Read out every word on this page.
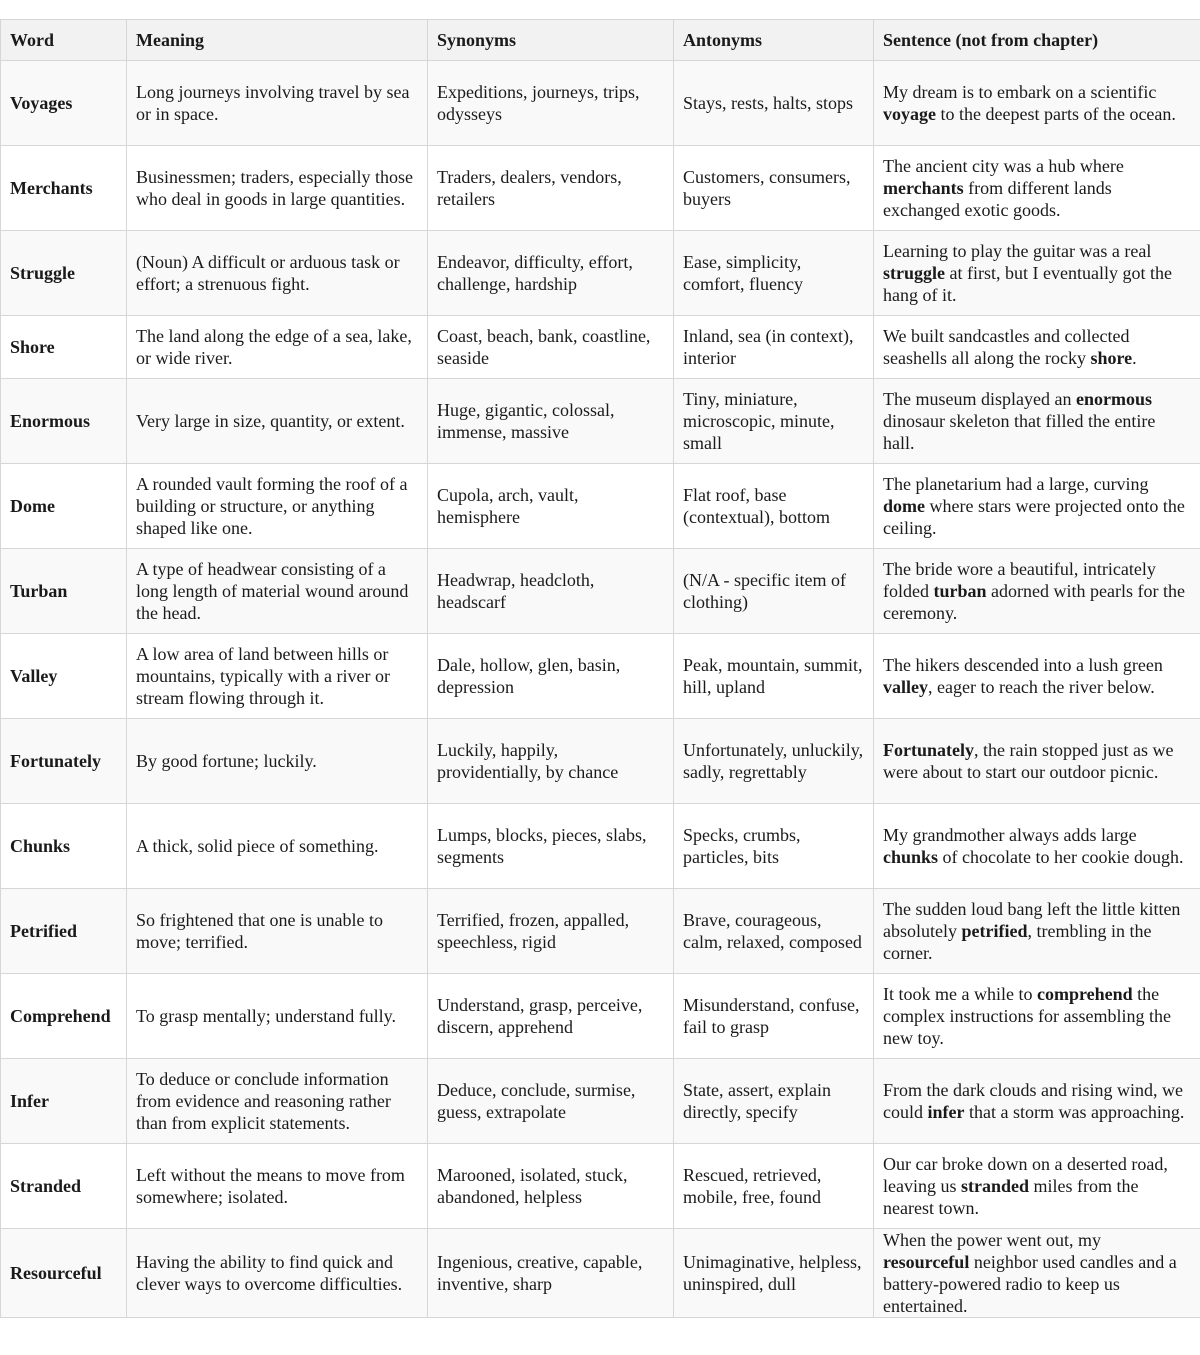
Word	Meaning	Synonyms	Antonyms	Sentence (not from chapter)
Voyages	Long journeys involving travel by sea or in space.	Expeditions, journeys, trips, odysseys	Stays, rests, halts, stops	My dream is to embark on a scientific voyage to the deepest parts of the ocean.
Merchants	Businessmen; traders, especially those who deal in goods in large quantities.	Traders, dealers, vendors, retailers	Customers, consumers, buyers	The ancient city was a hub where merchants from different lands exchanged exotic goods.
Struggle	(Noun) A difficult or arduous task or effort; a strenuous fight.	Endeavor, difficulty, effort, challenge, hardship	Ease, simplicity, comfort, fluency	Learning to play the guitar was a real struggle at first, but I eventually got the hang of it.
Shore	The land along the edge of a sea, lake, or wide river.	Coast, beach, bank, coastline, seaside	Inland, sea (in context), interior	We built sandcastles and collected seashells all along the rocky shore.
Enormous	Very large in size, quantity, or extent.	Huge, gigantic, colossal, immense, massive	Tiny, miniature, microscopic, minute, small	The museum displayed an enormous dinosaur skeleton that filled the entire hall.
Dome	A rounded vault forming the roof of a building or structure, or anything shaped like one.	Cupola, arch, vault, hemisphere	Flat roof, base (contextual), bottom	The planetarium had a large, curving dome where stars were projected onto the ceiling.
Turban	A type of headwear consisting of a long length of material wound around the head.	Headwrap, headcloth, headscarf	(N/A - specific item of clothing)	The bride wore a beautiful, intricately folded turban adorned with pearls for the ceremony.
Valley	A low area of land between hills or mountains, typically with a river or stream flowing through it.	Dale, hollow, glen, basin, depression	Peak, mountain, summit, hill, upland	The hikers descended into a lush green valley, eager to reach the river below.
Fortunately	By good fortune; luckily.	Luckily, happily, providentially, by chance	Unfortunately, unluckily, sadly, regrettably	Fortunately, the rain stopped just as we were about to start our outdoor picnic.
Chunks	A thick, solid piece of something.	Lumps, blocks, pieces, slabs, segments	Specks, crumbs, particles, bits	My grandmother always adds large chunks of chocolate to her cookie dough.
Petrified	So frightened that one is unable to move; terrified.	Terrified, frozen, appalled, speechless, rigid	Brave, courageous, calm, relaxed, composed	The sudden loud bang left the little kitten absolutely petrified, trembling in the corner.
Comprehend	To grasp mentally; understand fully.	Understand, grasp, perceive, discern, apprehend	Misunderstand, confuse, fail to grasp	It took me a while to comprehend the complex instructions for assembling the new toy.
Infer	To deduce or conclude information from evidence and reasoning rather than from explicit statements.	Deduce, conclude, surmise, guess, extrapolate	State, assert, explain directly, specify	From the dark clouds and rising wind, we could infer that a storm was approaching.
Stranded	Left without the means to move from somewhere; isolated.	Marooned, isolated, stuck, abandoned, helpless	Rescued, retrieved, mobile, free, found	Our car broke down on a deserted road, leaving us stranded miles from the nearest town.
Resourceful	Having the ability to find quick and clever ways to overcome difficulties.	Ingenious, creative, capable, inventive, sharp	Unimaginative, helpless, uninspired, dull	When the power went out, my resourceful neighbor used candles and a battery-powered radio to keep us entertained.
